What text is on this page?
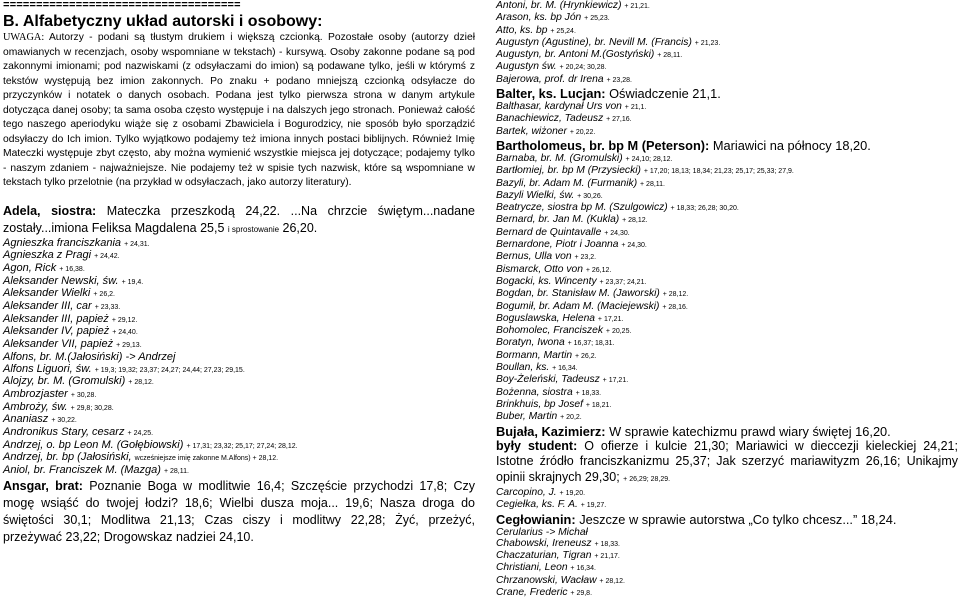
====================================
B. Alfabetyczny układ autorski i osobowy:

UWAGA: Autorzy - podani są tłustym drukiem i większą czcionką. Pozostałe osoby (autorzy dzieł omawianych w recenzjach, osoby wspomniane w tekstach) - kursywą. Osoby zakonne podane są pod zakonnymi imionami; pod nazwiskami (z odsyłaczami do imion) są podawane tylko, jeśli w którymś z tekstów występują bez imion zakonnych. Po znaku + podano mniejszą czcionką odsyłacze do przyczynków i notatek o danych osobach. Podana jest tylko pierwsza strona w danym artykule dotycząca danej osoby; ta sama osoba często występuje i na dalszych jego stronach. Ponieważ całość tego naszego aperiodyku wiąże się z osobami Zbawiciela i Bogurodzicy, nie sposób było sporządzić odsyłaczy do Ich imion. Tylko wyjątkowo podajemy też imiona innych postaci biblijnych. Również Imię Mateczki występuje zbyt często, aby można wymienić wszystkie miejsca jej dotyczące; podajemy tylko - naszym zdaniem - najważniejsze. Nie podajemy też w spisie tych nazwisk, które są wspomniane w tekstach tylko przelotnie (na przykład w odsyłaczach, jako autorzy literatury).

Adela, siostra: Mateczka przeszkodą 24,22. ...Na chrzcie świętym...nadane zostały...imiona Feliksa Magdalena 25,5 i sprostowanie 26,20.
Agnieszka franciszkania + 24,31.
Agnieszka z Pragi + 24,42.
Agon, Rick + 16,38.
Aleksander Newski, św. + 19,4.
Aleksander Wielki + 26,2.
Aleksander III, car + 23,33.
Aleksander III, papież + 29,12.
Aleksander IV, papież + 24,40.
Aleksander VII, papież + 29,13.
Alfons, br. M.(Jałosiński) -> Andrzej
Alfons Liguori, św. + 19,3; 19,32; 23,37; 24,27; 24,44; 27,23; 29,15.
Alojzy, br. M. (Gromulski) + 28,12.
Ambrozjaster + 30,28.
Ambroży, św. + 29,8; 30,28.
Ananiasz + 30,22.
Andronikus Stary, cesarz + 24,25.
Andrzej, o. bp Leon M. (Gołębiowski) + 17,31; 23,32; 25,17; 27,24; 28,12.
Andrzej, br. bp (Jałosiński, wcześniejsze imię zakonne M.Alfons) + 28,12.
Aniol, br. Franciszek M. (Mazga) + 28,11.
Ansgar, brat: Poznanie Boga w modlitwie 16,4; Szczęście przychodzi 17,8; Czy mogę wsiąść do twojej łodzi? 18,6; Wielbi dusza moja... 19,6; Nasza droga do świętości 30,1; Modlitwa 21,13; Czas ciszy i modlitwy 22,28; Żyć, przeżyć, przeżywać 23,22; Drogowskaz nadziei 24,10.
Antoni, br. M. (Hrynkiewicz) + 21,21.
Arason, ks. bp Jón + 25,23.
Atto, ks. bp + 25,24.
Augustyn (Agustine), br. Nevill M. (Francis) + 21,23.
Augustyn, br. Antoni M.(Gostyński) + 28,11.
Augustyn św. + 20,24; 30,28.
Bajerowa, prof. dr Irena + 23,28.
Balter, ks. Lucjan: Oświadczenie 21,1.
Balthasar, kardynał Urs von + 21,1.
Banachiewicz, Tadeusz + 27,16.
Bartek, wiżoner + 20,22.
Bartholomeus, br. bp M (Peterson): Mariawici na północy 18,20.
Barnaba, br. M. (Gromulski) + 24,10; 28,12.
Bartłomiej, br. bp M (Przysiecki) + 17,20; 18,13; 18,34; 21,23; 25,17; 25,33; 27,9.
Bazyli, br. Adam M. (Furmanik) + 28,11.
Bazyli Wielki, św. + 30,26.
Beatrycze, siostra bp M. (Szulgowicz) + 18,33; 26,28; 30,20.
Bernard, br. Jan M. (Kukla) + 28,12.
Bernard de Quintavalle + 24,30.
Bernardone, Piotr i Joanna + 24,30.
Bernus, Ulla von + 23,2.
Bismarck, Otto von + 26,12.
Bogacki, ks. Wincenty + 23,37; 24,21.
Bogdan, br. Stanisław M. (Jaworski) + 28,12.
Bogumił, br. Adam M. (Maciejewski) + 28,16.
Boguslawska, Helena + 17,21.
Bohomolec, Franciszek + 20,25.
Boratyn, Iwona + 16,37; 18,31.
Bormann, Martin + 26,2.
Boullan, ks. + 16,34.
Boy-Żeleński, Tadeusz + 17,21.
Bożenna, siostra + 18,33.
Brinkhuis, bp Josef + 18,21.
Buber, Martin + 20,2.
Bujała, Kazimierz: W sprawie katechizmu prawd wiary świętej 16,20.
były student: O ofierze i kulcie 21,30; Mariawici w dieccezji kieleckiej 24,21; Istotne źródło franciszkanizmu 25,37; Jak szerzyć mariawityzm 26,16; Unikajmy opinii skrajnych 29,30; + 26,29; 28,29.
Carcopino, J. + 19,20.
Cegiełka, ks. F. A. + 19,27.
Cegłowianin: Jeszcze w sprawie autorstwa „Co tylko chcesz...” 18,24.
Cerularius -> Michał
Chabowski, Ireneusz + 18,33.
Chaczaturian, Tigran + 21,17.
Christiani, Leon + 16,34.
Chrzanowski, Wacław + 28,12.
Crane, Frederic + 29,8.
